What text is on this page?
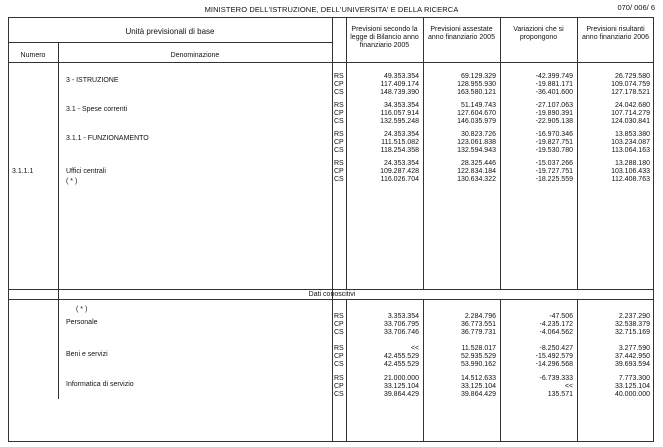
MINISTERO DELL'ISTRUZIONE, DELL'UNIVERSITA' E DELLA RICERCA	070/ 006/ 6
Unità previsionali di base
Numero	Denominazione
Previsioni secondo la legge di Bilancio anno finanziario 2005
Previsioni assestate anno finanziario 2005
Variazioni che si propongono
Previsioni risultanti anno finanziario 2006
Dati conoscitivi
3 - ISTRUZIONE
RS	49.353.354	69.129.329	-42.399.749	26.729.580
CP	117.409.174	128.955.930	-19.881.171	109.074.759
CS	148.739.390	163.580.121	-36.401.600	127.178.521
3.1 - Spese correnti
RS	34.353.354	51.149.743	-27.107.063	24.042.680
CP	116.057.914	127.604.670	-19.890.391	107.714.279
CS	132.595.248	146.035.979	-22.905.138	124.030.841
3.1.1 - FUNZIONAMENTO
RS	24.353.354	30.823.726	-16.970.346	13.853.380
CP	111.515.082	123.061.838	-19.827.751	103.234.087
CS	118.254.358	132.594.943	-19.530.780	113.064.163
3.1.1.1	Uffici centrali
( * )
RS	24.353.354	28.325.446	-15.037.266	13.288.180
CP	109.287.428	122.834.184	-19.727.751	103.106.433
CS	116.026.704	130.634.322	-18.225.559	112.408.763
( * )
Personale
RS	3.353.354	2.284.796	-47.506	2.237.290
CP	33.706.795	36.773.551	-4.235.172	32.538.379
CS	33.706.746	36.779.731	-4.064.562	32.715.169
Beni e servizi
RS	<<	11.528.017	-8.250.427	3.277.590
CP	42.455.529	52.935.529	-15.492.579	37.442.950
CS	42.455.529	53.990.162	-14.296.568	39.693.594
Informatica di servizio
RS	21.000.000	14.512.633	-6.739.333	7.773.300
CP	33.125.104	33.125.104	<<	33.125.104
CS	39.864.429	39.864.429	135.571	40.000.000
